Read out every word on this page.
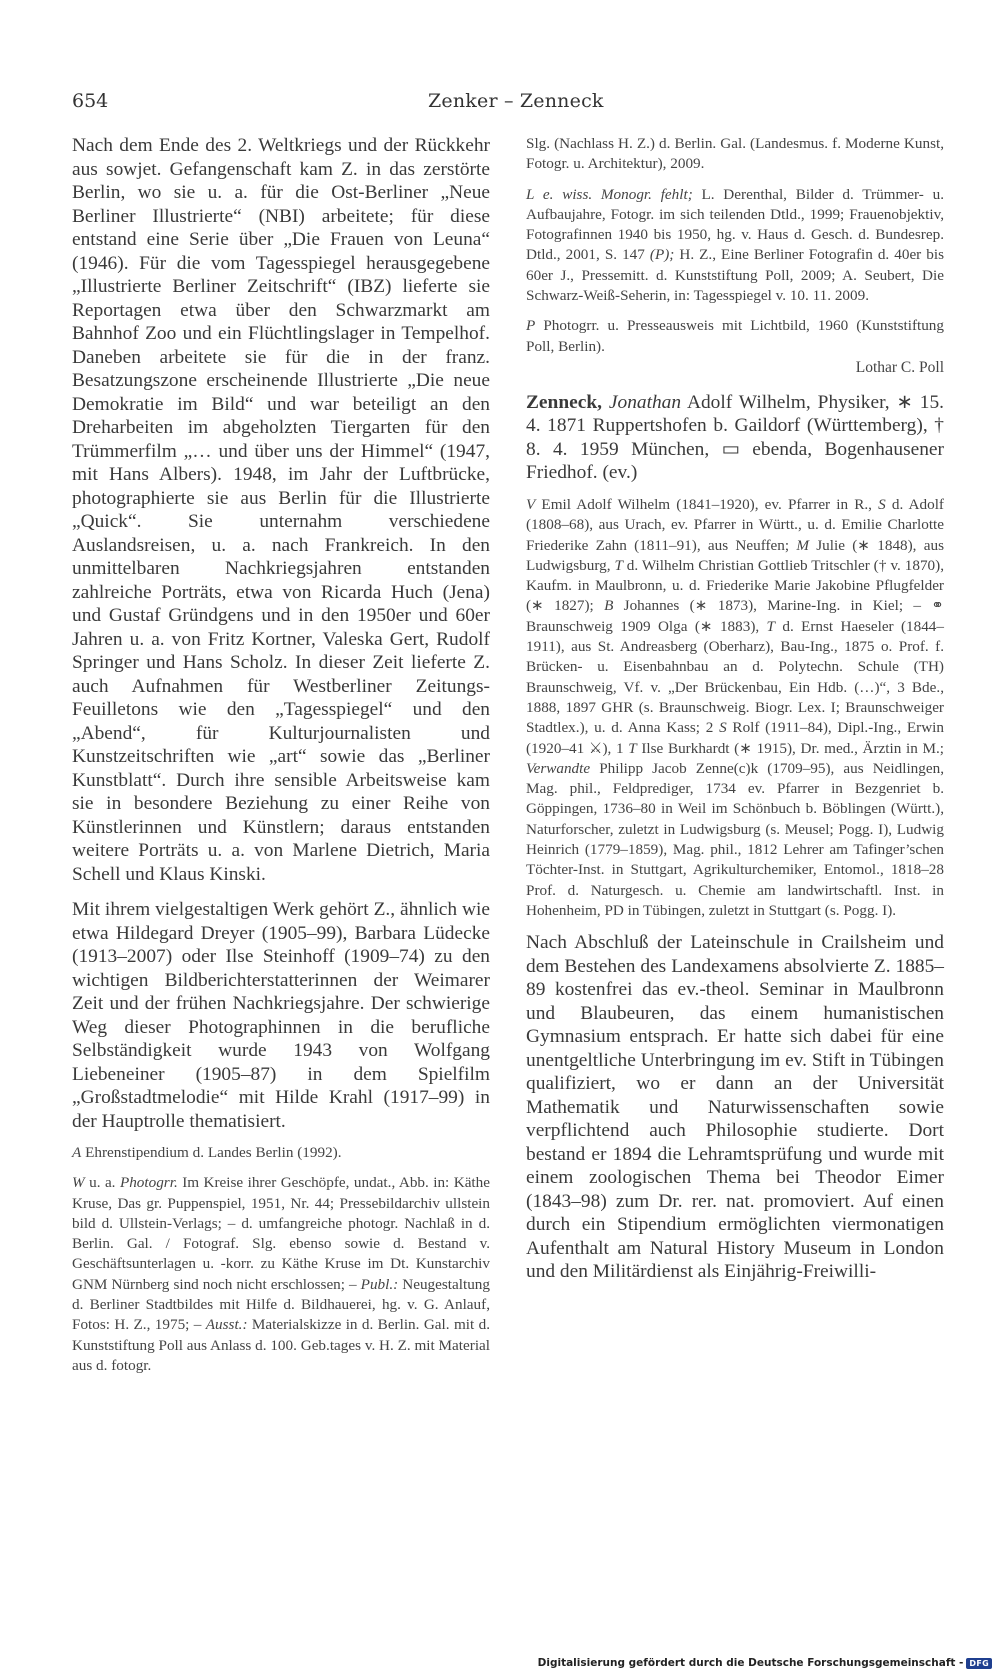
654	Zenker – Zenneck

Nach dem Ende des 2. Weltkriegs und der Rückkehr aus sowjet. Gefangenschaft kam Z. in das zerstörte Berlin, wo sie u. a. für die Ost-Berliner „Neue Berliner Illustrierte“ (NBI) arbeitete; für diese entstand eine Serie über „Die Frauen von Leuna“ (1946). Für die vom Tagesspiegel herausgegebene „Illustrierte Berliner Zeitschrift“ (IBZ) lieferte sie Reportagen etwa über den Schwarzmarkt am Bahnhof Zoo und ein Flüchtlingslager in Tempelhof. Daneben arbeitete sie für die in der franz. Besatzungszone erscheinende Illustrierte „Die neue Demokratie im Bild“ und war beteiligt an den Dreharbeiten im abgeholzten Tiergarten für den Trümmerfilm „… und über uns der Himmel“ (1947, mit Hans Albers). 1948, im Jahr der Luftbrücke, photographierte sie aus Berlin für die Illustrierte „Quick“. Sie unternahm verschiedene Auslandsreisen, u. a. nach Frankreich. In den unmittelbaren Nachkriegsjahren entstanden zahlreiche Porträts, etwa von Ricarda Huch (Jena) und Gustaf Gründgens und in den 1950er und 60er Jahren u. a. von Fritz Kortner, Valeska Gert, Rudolf Springer und Hans Scholz. In dieser Zeit lieferte Z. auch Aufnahmen für Westberliner Zeitungs-Feuilletons wie den „Tagesspiegel“ und den „Abend“, für Kulturjournalisten und Kunstzeitschriften wie „art“ sowie das „Berliner Kunstblatt“. Durch ihre sensible Arbeitsweise kam sie in besondere Beziehung zu einer Reihe von Künstlerinnen und Künstlern; daraus entstanden weitere Porträts u. a. von Marlene Dietrich, Maria Schell und Klaus Kinski.

Mit ihrem vielgestaltigen Werk gehört Z., ähnlich wie etwa Hildegard Dreyer (1905–99), Barbara Lüdecke (1913–2007) oder Ilse Steinhoff (1909–74) zu den wichtigen Bildberichterstatterinnen der Weimarer Zeit und der frühen Nachkriegsjahre. Der schwierige Weg dieser Photographinnen in die berufliche Selbständigkeit wurde 1943 von Wolfgang Liebeneiner (1905–87) in dem Spielfilm „Großstadtmelodie“ mit Hilde Krahl (1917–99) in der Hauptrolle thematisiert.

A Ehrenstipendium d. Landes Berlin (1992).

W u. a. Photogrr. Im Kreise ihrer Geschöpfe, undat., Abb. in: Käthe Kruse, Das gr. Puppenspiel, 1951, Nr. 44; Pressebildarchiv ullstein bild d. Ullstein-Verlags; – d. umfangreiche photogr. Nachlaß in d. Berlin. Gal. / Fotograf. Slg. ebenso sowie d. Bestand v. Geschäftsunterlagen u. -korr. zu Käthe Kruse im Dt. Kunstarchiv GNM Nürnberg sind noch nicht erschlossen; – Publ.: Neugestaltung d. Berliner Stadtbildes mit Hilfe d. Bildhauerei, hg. v. G. Anlauf, Fotos: H. Z., 1975; – Ausst.: Materialskizze in d. Berlin. Gal. mit d. Kunststiftung Poll aus Anlass d. 100. Geb.tages v. H. Z. mit Material aus d. fotogr.

Slg. (Nachlass H. Z.) d. Berlin. Gal. (Landesmus. f. Moderne Kunst, Fotogr. u. Architektur), 2009.

L e. wiss. Monogr. fehlt; L. Derenthal, Bilder d. Trümmer- u. Aufbaujahre, Fotogr. im sich teilenden Dtld., 1999; Frauenobjektiv, Fotografinnen 1940 bis 1950, hg. v. Haus d. Gesch. d. Bundesrep. Dtld., 2001, S. 147 (P); H. Z., Eine Berliner Fotografin d. 40er bis 60er J., Pressemitt. d. Kunststiftung Poll, 2009; A. Seubert, Die Schwarz-Weiß-Seherin, in: Tagesspiegel v. 10. 11. 2009.

P Photogrr. u. Presseausweis mit Lichtbild, 1960 (Kunststiftung Poll, Berlin).

Lothar C. Poll

Zenneck, Jonathan Adolf Wilhelm, Physiker, ∗ 15. 4. 1871 Ruppertshofen b. Gaildorf (Württemberg), † 8. 4. 1959 München, ▭ ebenda, Bogenhausener Friedhof. (ev.)

V Emil Adolf Wilhelm (1841–1920), ev. Pfarrer in R., S d. Adolf (1808–68), aus Urach, ev. Pfarrer in Württ., u. d. Emilie Charlotte Friederike Zahn (1811–91), aus Neuffen; M Julie (∗ 1848), aus Ludwigsburg, T d. Wilhelm Christian Gottlieb Tritschler († v. 1870), Kaufm. in Maulbronn, u. d. Friederike Marie Jakobine Pflugfelder (∗ 1827); B Johannes (∗ 1873), Marine-Ing. in Kiel; – ⚭ Braunschweig 1909 Olga (∗ 1883), T d. Ernst Haeseler (1844–1911), aus St. Andreasberg (Oberharz), Bau-Ing., 1875 o. Prof. f. Brücken- u. Eisenbahnbau an d. Polytechn. Schule (TH) Braunschweig, Vf. v. „Der Brückenbau, Ein Hdb. (…)“, 3 Bde., 1888, 1897 GHR (s. Braunschweig. Biogr. Lex. I; Braunschweiger Stadtlex.), u. d. Anna Kass; 2 S Rolf (1911–84), Dipl.-Ing., Erwin (1920–41 ⚔), 1 T Ilse Burkhardt (∗ 1915), Dr. med., Ärztin in M.; Verwandte Philipp Jacob Zenne(c)k (1709–95), aus Neidlingen, Mag. phil., Feldprediger, 1734 ev. Pfarrer in Bezgenriet b. Göppingen, 1736–80 in Weil im Schönbuch b. Böblingen (Württ.), Naturforscher, zuletzt in Ludwigsburg (s. Meusel; Pogg. I), Ludwig Heinrich (1779–1859), Mag. phil., 1812 Lehrer am Tafinger’schen Töchter-Inst. in Stuttgart, Agrikulturchemiker, Entomol., 1818–28 Prof. d. Naturgesch. u. Chemie am landwirtschaftl. Inst. in Hohenheim, PD in Tübingen, zuletzt in Stuttgart (s. Pogg. I).

Nach Abschluß der Lateinschule in Crailsheim und dem Bestehen des Landexamens absolvierte Z. 1885–89 kostenfrei das ev.-theol. Seminar in Maulbronn und Blaubeuren, das einem humanistischen Gymnasium entsprach. Er hatte sich dabei für eine unentgeltliche Unterbringung im ev. Stift in Tübingen qualifiziert, wo er dann an der Universität Mathematik und Naturwissenschaften sowie verpflichtend auch Philosophie studierte. Dort bestand er 1894 die Lehramtsprüfung und wurde mit einem zoologischen Thema bei Theodor Eimer (1843–98) zum Dr. rer. nat. promoviert. Auf einen durch ein Stipendium ermöglichten viermonatigen Aufenthalt am Natural History Museum in London und den Militärdienst als Einjährig-Freiwilli-

Digitalisierung gefördert durch die Deutsche Forschungsgemeinschaft - DFG
